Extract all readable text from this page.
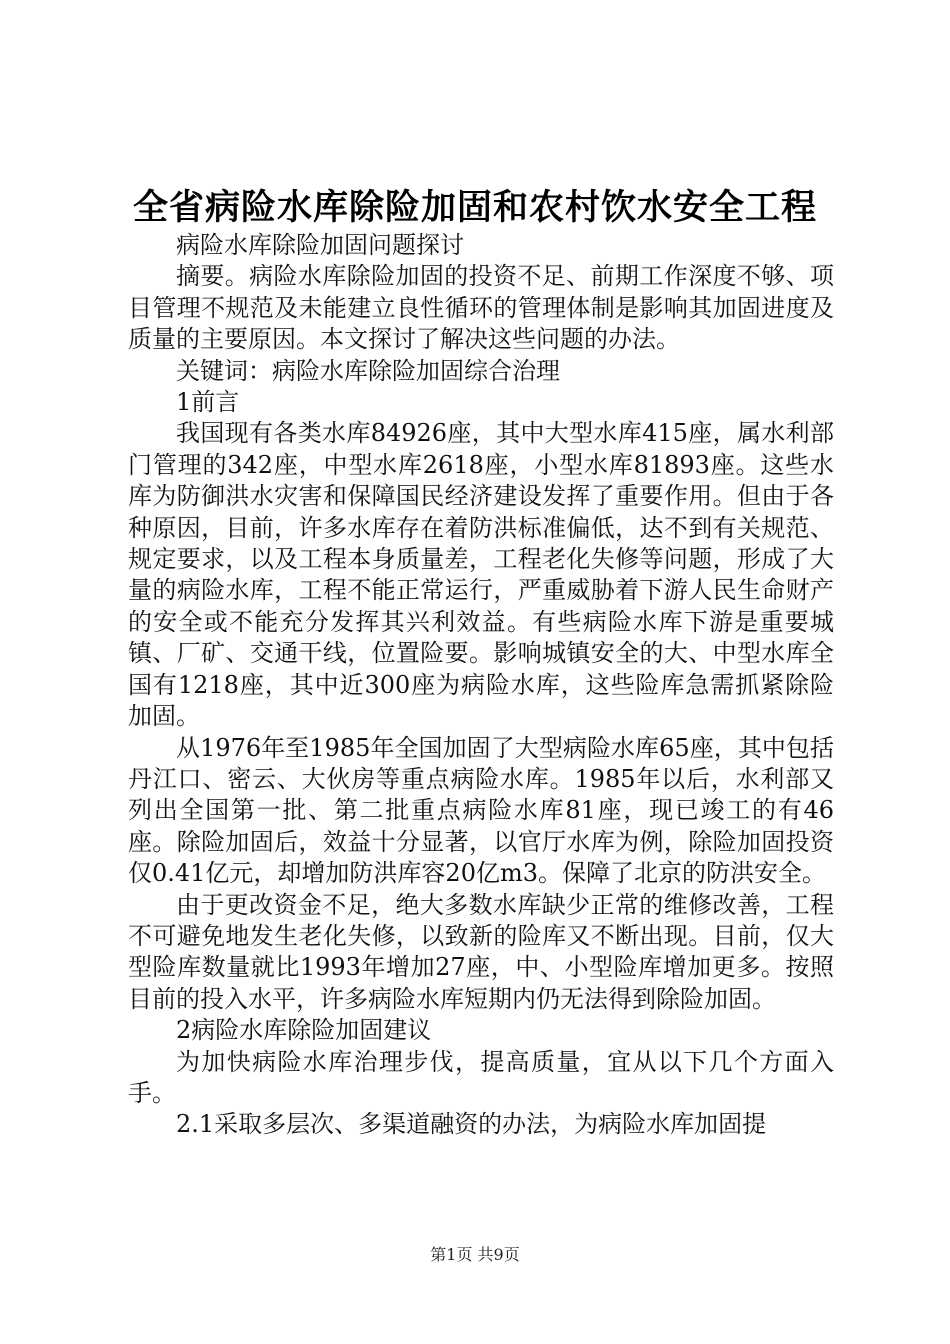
全省病险水库除险加固和农村饮水安全工程

病险水库除险加固问题探讨

摘要。病险水库除险加固的投资不足、前期工作深度不够、项目管理不规范及未能建立良性循环的管理体制是影响其加固进度及质量的主要原因。本文探讨了解决这些问题的办法。

关键词：病险水库除险加固综合治理

1前言

我国现有各类水库84926座，其中大型水库415座，属水利部门管理的342座，中型水库2618座，小型水库81893座。这些水库为防御洪水灾害和保障国民经济建设发挥了重要作用。但由于各种原因，目前，许多水库存在着防洪标准偏低，达不到有关规范、规定要求，以及工程本身质量差，工程老化失修等问题，形成了大量的病险水库，工程不能正常运行，严重威胁着下游人民生命财产的安全或不能充分发挥其兴利效益。有些病险水库下游是重要城镇、厂矿、交通干线，位置险要。影响城镇安全的大、中型水库全国有1218座，其中近300座为病险水库，这些险库急需抓紧除险加固。

从1976年至1985年全国加固了大型病险水库65座，其中包括丹江口、密云、大伙房等重点病险水库。1985年以后，水利部又列出全国第一批、第二批重点病险水库81座，现已竣工的有46座。除险加固后，效益十分显著，以官厅水库为例，除险加固投资仅0.41亿元，却增加防洪库容20亿m3。保障了北京的防洪安全。

由于更改资金不足，绝大多数水库缺少正常的维修改善，工程不可避免地发生老化失修，以致新的险库又不断出现。目前，仅大型险库数量就比1993年增加27座，中、小型险库增加更多。按照目前的投入水平，许多病险水库短期内仍无法得到除险加固。

2病险水库除险加固建议

为加快病险水库治理步伐，提高质量，宜从以下几个方面入手。

2.1采取多层次、多渠道融资的办法，为病险水库加固提

第1页 共9页
